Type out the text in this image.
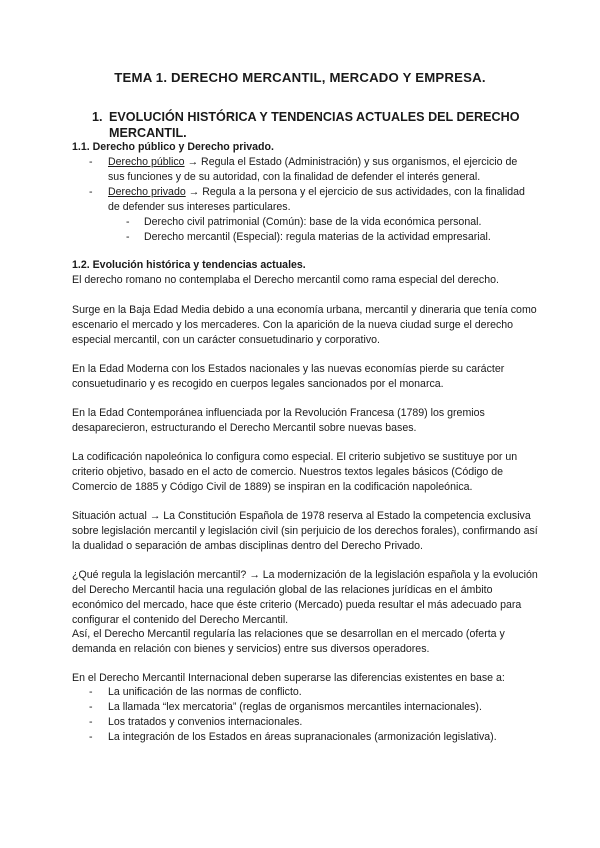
TEMA 1. DERECHO MERCANTIL, MERCADO Y EMPRESA.
1. EVOLUCIÓN HISTÓRICA Y TENDENCIAS ACTUALES DEL DERECHO MERCANTIL.
1.1. Derecho público y Derecho privado.
- Derecho público → Regula el Estado (Administración) y sus organismos, el ejercicio de sus funciones y de su autoridad, con la finalidad de defender el interés general.
- Derecho privado → Regula a la persona y el ejercicio de sus actividades, con la finalidad de defender sus intereses particulares.
- Derecho civil patrimonial (Común): base de la vida económica personal.
- Derecho mercantil (Especial): regula materias de la actividad empresarial.
1.2. Evolución histórica y tendencias actuales.
El derecho romano no contemplaba el Derecho mercantil como rama especial del derecho.
Surge en la Baja Edad Media debido a una economía urbana, mercantil y dineraria que tenía como escenario el mercado y los mercaderes. Con la aparición de la nueva ciudad surge el derecho especial mercantil, con un carácter consuetudinario y corporativo.
En la Edad Moderna con los Estados nacionales y las nuevas economías pierde su carácter consuetudinario y es recogido en cuerpos legales sancionados por el monarca.
En la Edad Contemporánea influenciada por la Revolución Francesa (1789) los gremios desaparecieron, estructurando el Derecho Mercantil sobre nuevas bases.
La codificación napoleónica lo configura como especial. El criterio subjetivo se sustituye por un criterio objetivo, basado en el acto de comercio. Nuestros textos legales básicos (Código de Comercio de 1885 y Código Civil de 1889) se inspiran en la codificación napoleónica.
Situación actual → La Constitución Española de 1978 reserva al Estado la competencia exclusiva sobre legislación mercantil y legislación civil (sin perjuicio de los derechos forales), confirmando así la dualidad o separación de ambas disciplinas dentro del Derecho Privado.
¿Qué regula la legislación mercantil? → La modernización de la legislación española y la evolución del Derecho Mercantil hacia una regulación global de las relaciones jurídicas en el ámbito económico del mercado, hace que éste criterio (Mercado) pueda resultar el más adecuado para configurar el contenido del Derecho Mercantil.
Así, el Derecho Mercantil regularía las relaciones que se desarrollan en el mercado (oferta y demanda en relación con bienes y servicios) entre sus diversos operadores.
En el Derecho Mercantil Internacional deben superarse las diferencias existentes en base a:
- La unificación de las normas de conflicto.
- La llamada “lex mercatoria” (reglas de organismos mercantiles internacionales).
- Los tratados y convenios internacionales.
- La integración de los Estados en áreas supranacionales (armonización legislativa).
